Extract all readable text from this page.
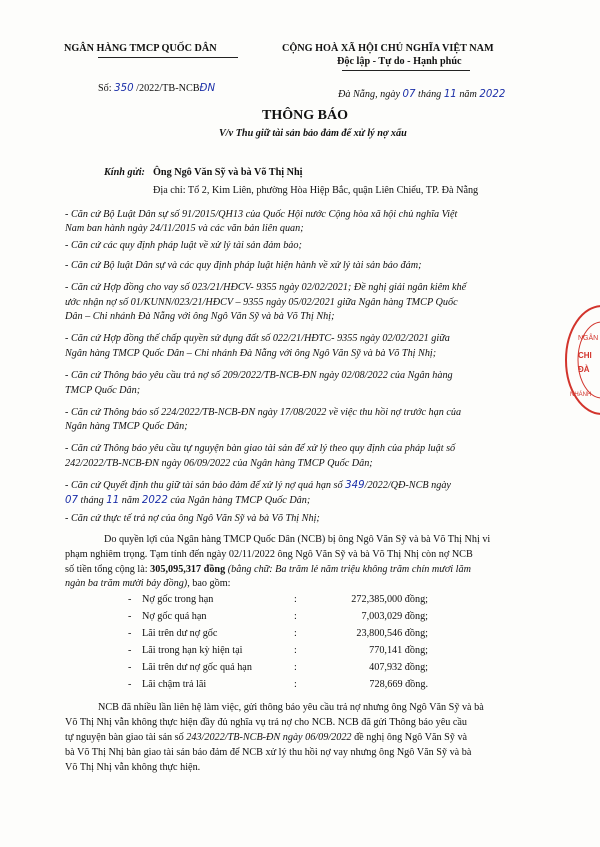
NGÂN HÀNG TMCP QUỐC DÂN
Số: 350 /2022/TB-NCBĐN
CỘNG HOÀ XÃ HỘI CHỦ NGHĨA VIỆT NAM
Độc lập - Tự do - Hạnh phúc
Đà Nẵng, ngày 07 tháng 11 năm 2022
THÔNG BÁO
V/v Thu giữ tài sản bảo đảm để xử lý nợ xấu
Kính gửi: Ông Ngô Văn Sỹ và bà Võ Thị Nhị
Địa chỉ: Tổ 2, Kim Liên, phường Hòa Hiệp Bắc, quận Liên Chiểu, TP. Đà Nẵng
- Căn cứ Bộ Luật Dân sự số 91/2015/QH13 của Quốc Hội nước Cộng hòa xã hội chủ nghĩa Việt
Nam ban hành ngày 24/11/2015 và các văn bản liên quan;
- Căn cứ các quy định pháp luật về xử lý tài sản đảm bảo;
- Căn cứ Bộ luật Dân sự và các quy định pháp luật hiện hành về xử lý tài sản bảo đảm;
- Căn cứ Hợp đồng cho vay số 023/21/HĐCV- 9355 ngày 02/02/2021; Đề nghị giải ngân kiêm khế
ước nhận nợ số 01/KUNN/023/21/HĐCV – 9355 ngày 05/02/2021 giữa Ngân hàng TMCP Quốc
Dân – Chi nhánh Đà Nẵng với ông Ngô Văn Sỹ và bà Võ Thị Nhị;
- Căn cứ Hợp đồng thế chấp quyền sử dụng đất số 022/21/HĐTC- 9355 ngày 02/02/2021 giữa
Ngân hàng TMCP Quốc Dân – Chi nhánh Đà Nẵng với ông Ngô Văn Sỹ và bà Võ Thị Nhị;
- Căn cứ Thông báo yêu cầu trả nợ số 209/2022/TB-NCB-ĐN ngày 02/08/2022 của Ngân hàng
TMCP Quốc Dân;
- Căn cứ Thông báo số 224/2022/TB-NCB-ĐN ngày 17/08/2022 về việc thu hồi nợ trước hạn của
Ngân hàng TMCP Quốc Dân;
- Căn cứ Thông báo yêu cầu tự nguyện bàn giao tài sản để xử lý theo quy định của pháp luật số
242/2022/TB-NCB-ĐN ngày 06/09/2022 của Ngân hàng TMCP Quốc Dân;
- Căn cứ Quyết định thu giữ tài sản bảo đảm để xử lý nợ quá hạn số 349/2022/QĐ-NCB ngày
07 tháng 11 năm 2022 của Ngân hàng TMCP Quốc Dân;
- Căn cứ thực tế trả nợ của ông Ngô Văn Sỹ và bà Võ Thị Nhị;
Do quyền lợi của Ngân hàng TMCP Quốc Dân (NCB) bị ông Ngô Văn Sỹ và bà Võ Thị Nhị vi
phạm nghiêm trọng. Tạm tính đến ngày 02/11/2022 ông Ngô Văn Sỹ và bà Võ Thị Nhị còn nợ NCB
số tiền tổng cộng là: 305,095,317 đồng (bằng chữ: Ba trăm lẻ năm triệu không trăm chín mươi lăm
ngàn ba trăm mười bảy đồng), bao gồm:
- Nợ gốc trong hạn	:	272,385,000 đồng;
- Nợ gốc quá hạn	:	7,003,029 đồng;
- Lãi trên dư nợ gốc	:	23,800,546 đồng;
- Lãi trong hạn kỳ hiện tại	:	770,141 đồng;
- Lãi trên dư nợ gốc quá hạn	:	407,932 đồng;
- Lãi chậm trả lãi	:	728,669 đồng.
NCB đã nhiều lần liên hệ làm việc, gửi thông báo yêu cầu trả nợ nhưng ông Ngô Văn Sỹ và bà
Võ Thị Nhị vẫn không thực hiện đầy đủ nghĩa vụ trả nợ cho NCB. NCB đã gửi Thông báo yêu cầu
tự nguyện bàn giao tài sản số 243/2022/TB-NCB-ĐN ngày 06/09/2022 đề nghị ông Ngô Văn Sỹ và
bà Võ Thị Nhị bàn giao tài sản bảo đảm để NCB xử lý thu hồi nợ vay nhưng ông Ngô Văn Sỹ và bà
Võ Thị Nhị vẫn không thực hiện.
NGÂN
CHI
ĐÀ
NHÁNH
